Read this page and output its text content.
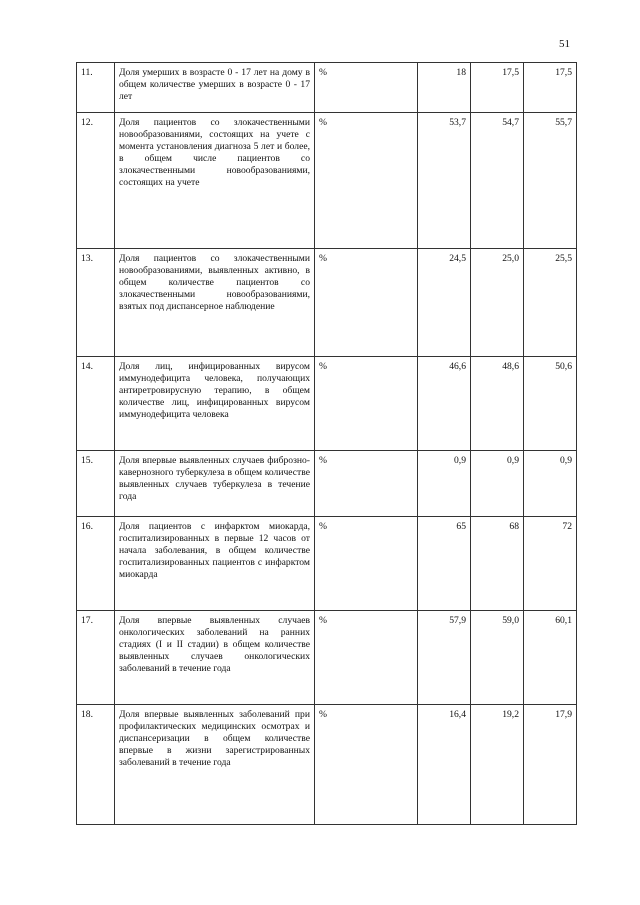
51
11.	Доля умерших в возрасте 0 - 17 лет на дому в общем количестве умерших в возрасте 0 - 17 лет	%	18	17,5	17,5
12.	Доля пациентов со злокачественными новообразованиями, состоящих на учете с момента установления диагноза 5 лет и более, в общем числе пациентов со злокачественными новообразованиями, состоящих на учете	%	53,7	54,7	55,7
13.	Доля пациентов со злокачественными новообразованиями, выявленных активно, в общем количестве пациентов со злокачественными новообразованиями, взятых под диспансерное наблюдение	%	24,5	25,0	25,5
14.	Доля лиц, инфицированных вирусом иммунодефицита человека, получающих антиретровирусную терапию, в общем количестве лиц, инфицированных вирусом иммунодефицита человека	%	46,6	48,6	50,6
15.	Доля впервые выявленных случаев фиброзно-кавернозного туберкулеза в общем количестве выявленных случаев туберкулеза в течение года	%	0,9	0,9	0,9
16.	Доля пациентов с инфарктом миокарда, госпитализированных в первые 12 часов от начала заболевания, в общем количестве госпитализированных пациентов с инфарктом миокарда	%	65	68	72
17.	Доля впервые выявленных случаев онкологических заболеваний на ранних стадиях (I и II стадии) в общем количестве выявленных случаев онкологических заболеваний в течение года	%	57,9	59,0	60,1
18.	Доля впервые выявленных заболеваний при профилактических медицинских осмотрах и диспансеризации в общем количестве впервые в жизни зарегистрированных заболеваний в течение года	%	16,4	19,2	17,9
